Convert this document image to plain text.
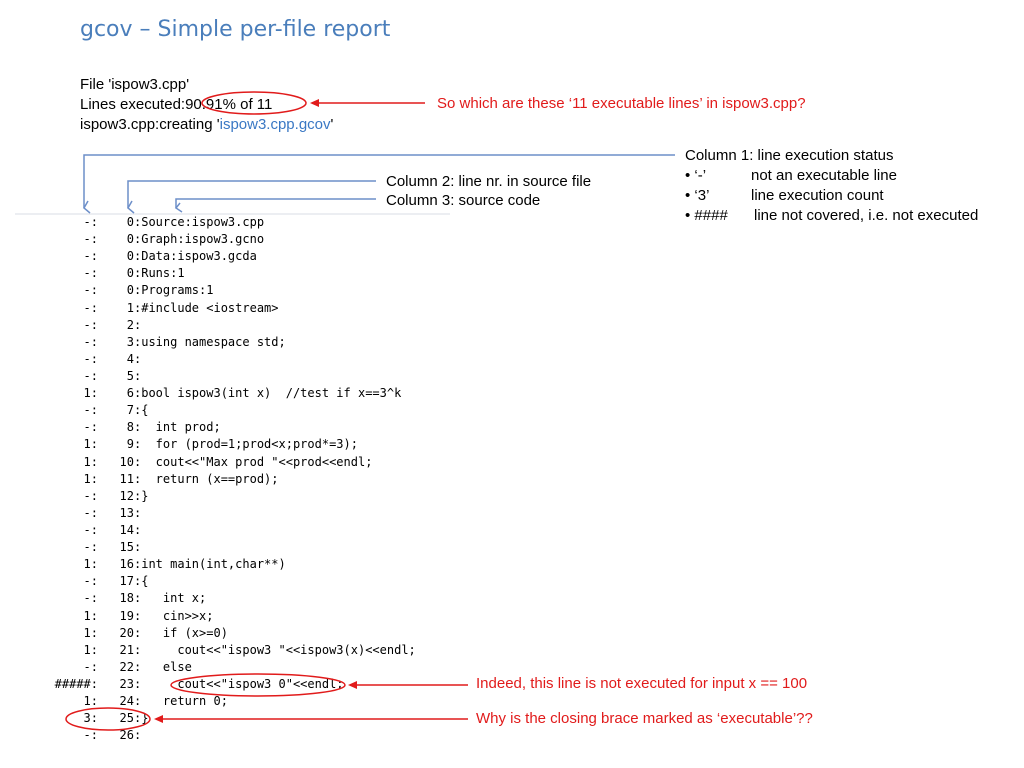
gcov – Simple per-file report
File 'ispow3.cpp'
Lines executed:90.91% of 11
ispow3.cpp:creating 'ispow3.cpp.gcov'
So which are these ‘11 executable lines’ in ispow3.cpp?
Column 1: line execution status
• ‘-’	not an executable line
• ‘3’	line execution count
• ####	line not covered, i.e. not executed
Column 2: line nr. in source file
Column 3: source code
Indeed, this line is not executed for input x == 100
Why is the closing brace marked as ‘executable’??
-: 0:Source:ispow3.cpp
-: 0:Graph:ispow3.gcno
-: 0:Data:ispow3.gcda
-: 0:Runs:1
-: 0:Programs:1
-: 1:#include <iostream>
-: 2:
-: 3:using namespace std;
-: 4:
-: 5:
1: 6:bool ispow3(int x)  //test if x==3^k
-: 7:{
-: 8:  int prod;
1: 9:  for (prod=1;prod<x;prod*=3);
1: 10:  cout<<"Max prod "<<prod<<endl;
1: 11:  return (x==prod);
-: 12:}
-: 13:
-: 14:
-: 15:
1: 16:int main(int,char**)
-: 17:{
-: 18:   int x;
1: 19:   cin>>x;
1: 20:   if (x>=0)
1: 21:     cout<<"ispow3 "<<ispow3(x)<<endl;
-: 22:   else
#####: 23:     cout<<"ispow3 0"<<endl;
1: 24:   return 0;
3: 25:}
-: 26:
